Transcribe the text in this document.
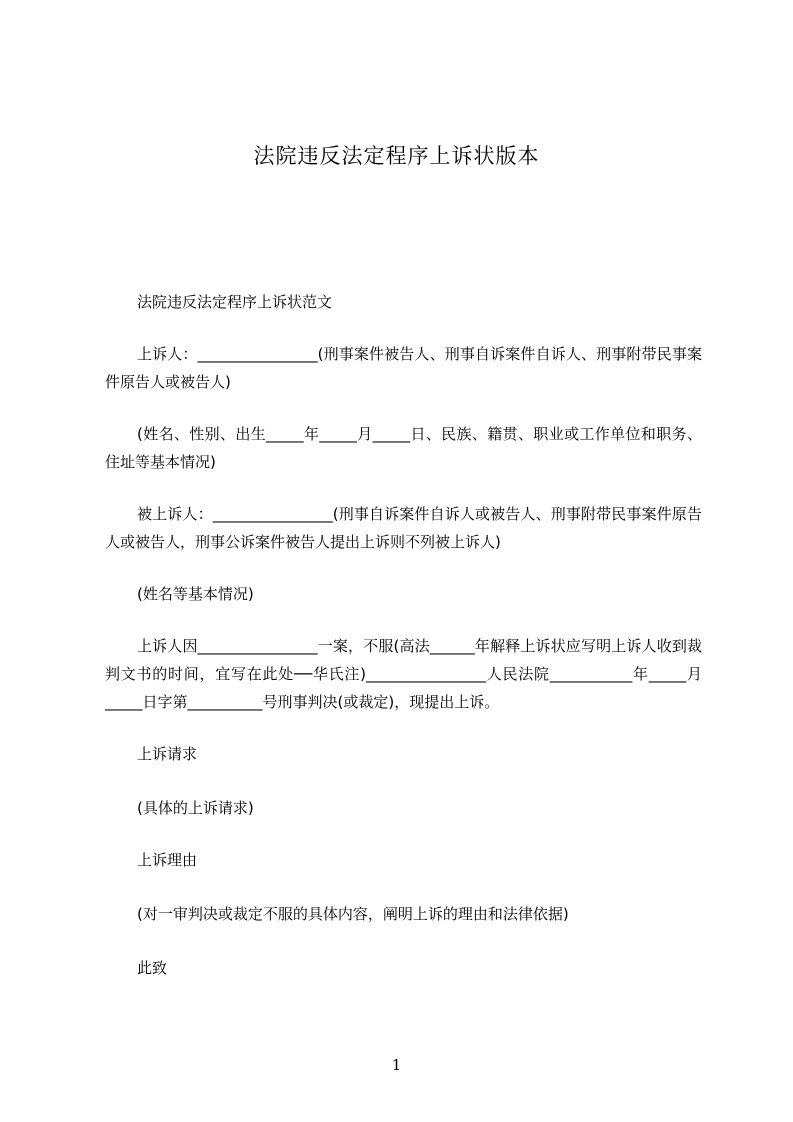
法院违反法定程序上诉状版本
法院违反法定程序上诉状范文
上诉人：________________(刑事案件被告人、刑事自诉案件自诉人、刑事附带民事案件原告人或被告人)
(姓名、性别、出生_____年_____月_____日、民族、籍贯、职业或工作单位和职务、住址等基本情况)
被上诉人：________________(刑事自诉案件自诉人或被告人、刑事附带民事案件原告人或被告人，刑事公诉案件被告人提出上诉则不列被上诉人)
(姓名等基本情况)
上诉人因________________一案，不服(高法______年解释上诉状应写明上诉人收到裁判文书的时间，宜写在此处──华氏注)________________人民法院___________年_____月_____日字第__________号刑事判决(或裁定)，现提出上诉。
上诉请求
(具体的上诉请求)
上诉理由
(对一审判决或裁定不服的具体内容，阐明上诉的理由和法律依据)
此致
1
